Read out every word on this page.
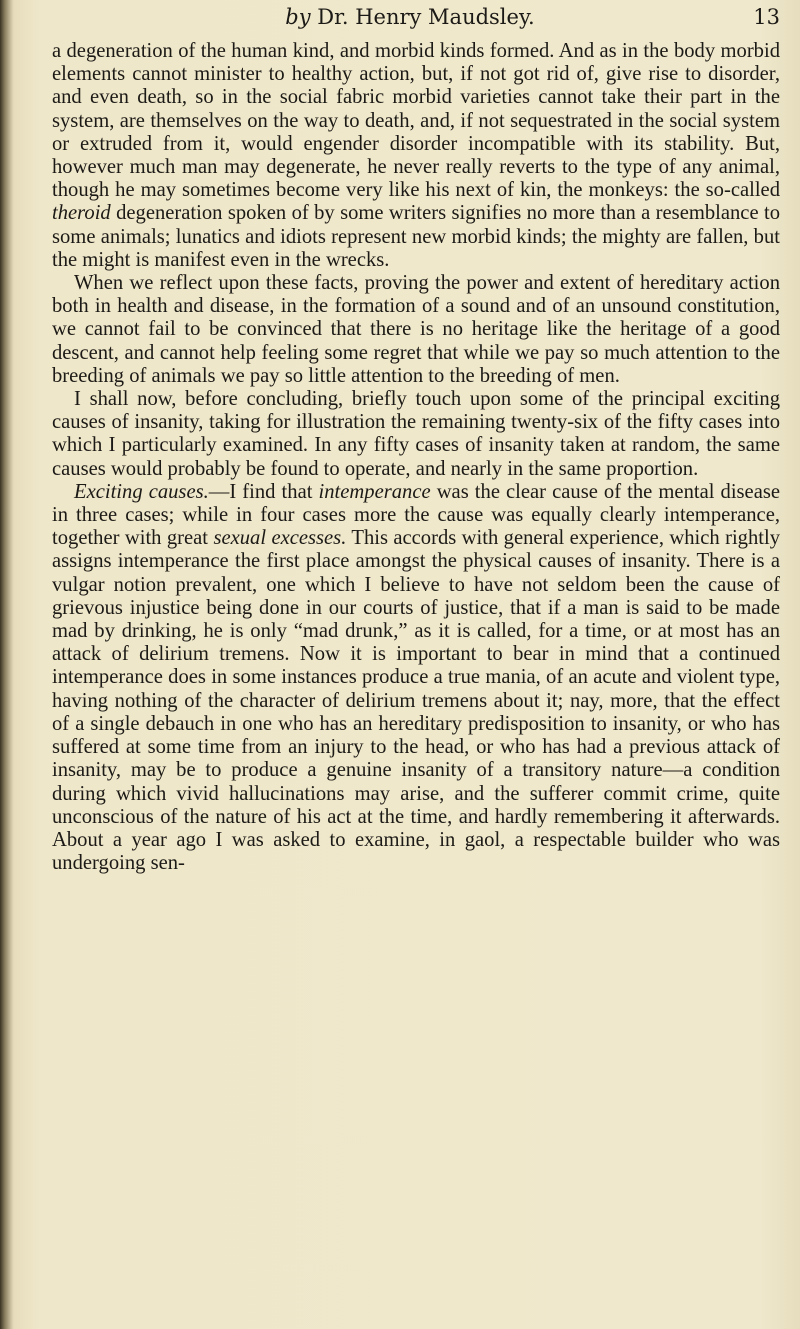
by Dr. Henry Maudsley.	13

a degeneration of the human kind, and morbid kinds formed. And as in the body morbid elements cannot minister to healthy action, but, if not got rid of, give rise to disorder, and even death, so in the social fabric morbid varieties cannot take their part in the system, are themselves on the way to death, and, if not sequestrated in the social system or extruded from it, would engender disorder incompatible with its stability. But, however much man may degenerate, he never really reverts to the type of any animal, though he may sometimes become very like his next of kin, the monkeys: the so-called theroid degeneration spoken of by some writers signifies no more than a resemblance to some animals; lunatics and idiots represent new morbid kinds; the mighty are fallen, but the might is manifest even in the wrecks.

When we reflect upon these facts, proving the power and extent of hereditary action both in health and disease, in the formation of a sound and of an unsound constitution, we cannot fail to be convinced that there is no heritage like the heritage of a good descent, and cannot help feeling some regret that while we pay so much attention to the breeding of animals we pay so little attention to the breeding of men.

I shall now, before concluding, briefly touch upon some of the principal exciting causes of insanity, taking for illustration the remaining twenty-six of the fifty cases into which I particularly examined. In any fifty cases of insanity taken at random, the same causes would probably be found to operate, and nearly in the same proportion.

Exciting causes.—I find that intemperance was the clear cause of the mental disease in three cases; while in four cases more the cause was equally clearly intemperance, together with great sexual excesses. This accords with general experience, which rightly assigns intemperance the first place amongst the physical causes of insanity. There is a vulgar notion prevalent, one which I believe to have not seldom been the cause of grievous injustice being done in our courts of justice, that if a man is said to be made mad by drinking, he is only “mad drunk,” as it is called, for a time, or at most has an attack of delirium tremens. Now it is important to bear in mind that a continued intemperance does in some instances produce a true mania, of an acute and violent type, having nothing of the character of delirium tremens about it; nay, more, that the effect of a single debauch in one who has an hereditary predisposition to insanity, or who has suffered at some time from an injury to the head, or who has had a previous attack of insanity, may be to produce a genuine insanity of a transitory nature—a condition during which vivid hallucinations may arise, and the sufferer commit crime, quite unconscious of the nature of his act at the time, and hardly remembering it afterwards. About a year ago I was asked to examine, in gaol, a respectable builder who was undergoing sen-
